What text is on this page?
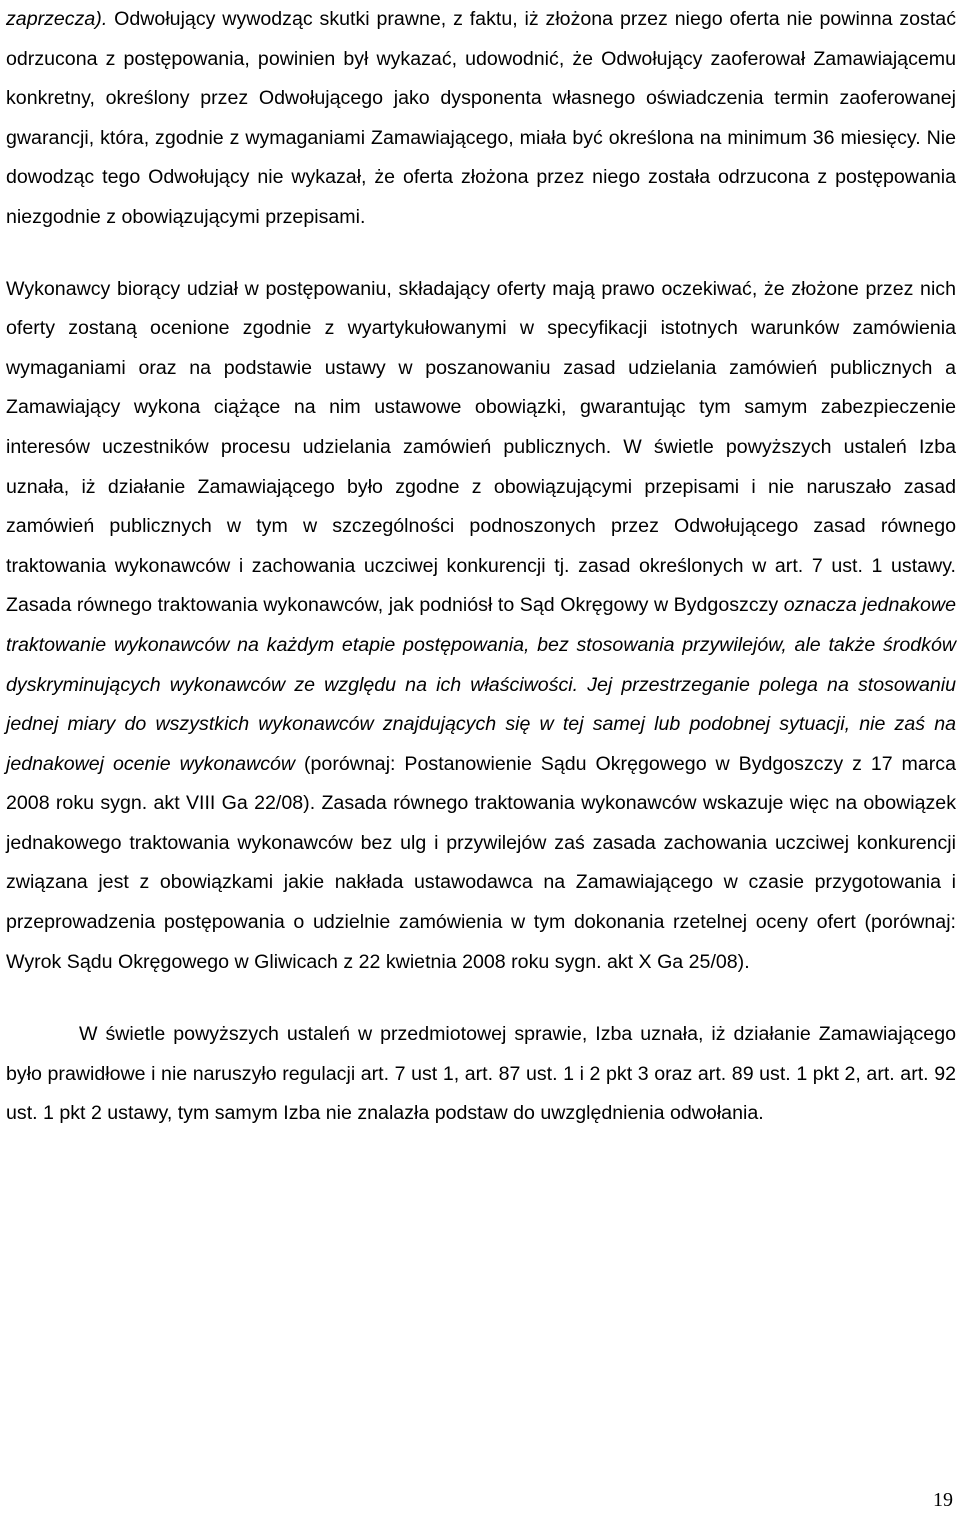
zaprzecza). Odwołujący wywodząc skutki prawne, z faktu, iż złożona przez niego oferta nie powinna zostać odrzucona z postępowania, powinien był wykazać, udowodnić, że Odwołujący zaoferował Zamawiającemu konkretny, określony przez Odwołującego jako dysponenta własnego oświadczenia termin zaoferowanej gwarancji, która, zgodnie z wymaganiami Zamawiającego, miała być określona na minimum 36 miesięcy. Nie dowodząc tego Odwołujący nie wykazał, że oferta złożona przez niego została odrzucona z postępowania niezgodnie z obowiązującymi przepisami.

Wykonawcy biorący udział w postępowaniu, składający oferty mają prawo oczekiwać, że złożone przez nich oferty zostaną ocenione zgodnie z wyartykułowanymi w specyfikacji istotnych warunków zamówienia wymaganiami oraz na podstawie ustawy w poszanowaniu zasad udzielania zamówień publicznych a Zamawiający wykona ciążące na nim ustawowe obowiązki, gwarantując tym samym zabezpieczenie interesów uczestników procesu udzielania zamówień publicznych. W świetle powyższych ustaleń Izba uznała, iż działanie Zamawiającego było zgodne z obowiązującymi przepisami i nie naruszało zasad zamówień publicznych w tym w szczególności podnoszonych przez Odwołującego zasad równego traktowania wykonawców i zachowania uczciwej konkurencji tj. zasad określonych w art. 7 ust. 1 ustawy. Zasada równego traktowania wykonawców, jak podniósł to Sąd Okręgowy w Bydgoszczy oznacza jednakowe traktowanie wykonawców na każdym etapie postępowania, bez stosowania przywilejów, ale także środków dyskryminujących wykonawców ze względu na ich właściwości. Jej przestrzeganie polega na stosowaniu jednej miary do wszystkich wykonawców znajdujących się w tej samej lub podobnej sytuacji, nie zaś na jednakowej ocenie wykonawców (porównaj: Postanowienie Sądu Okręgowego w Bydgoszczy z 17 marca 2008 roku sygn. akt VIII Ga 22/08). Zasada równego traktowania wykonawców wskazuje więc na obowiązek jednakowego traktowania wykonawców bez ulg i przywilejów zaś zasada zachowania uczciwej konkurencji związana jest z obowiązkami jakie nakłada ustawodawca na Zamawiającego w czasie przygotowania i przeprowadzenia postępowania o udzielnie zamówienia w tym dokonania rzetelnej oceny ofert (porównaj: Wyrok Sądu Okręgowego w Gliwicach z 22 kwietnia 2008 roku sygn. akt X Ga 25/08).

W świetle powyższych ustaleń w przedmiotowej sprawie, Izba uznała, iż działanie Zamawiającego było prawidłowe i nie naruszyło regulacji art. 7 ust 1, art. 87 ust. 1 i 2 pkt 3 oraz art. 89 ust. 1 pkt 2, art. art. 92 ust. 1 pkt 2 ustawy, tym samym Izba nie znalazła podstaw do uwzględnienia odwołania.

19
